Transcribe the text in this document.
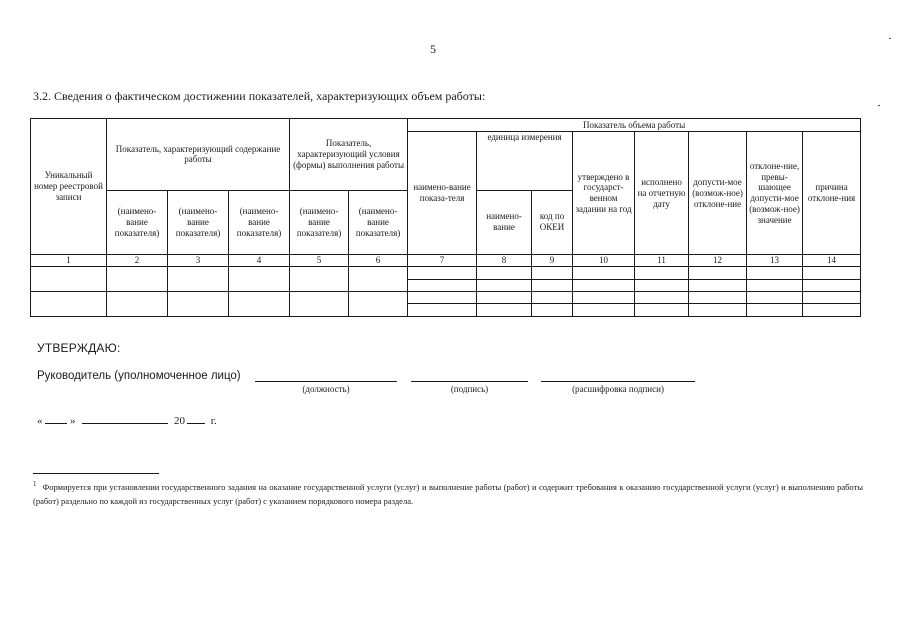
5
3.2. Сведения о фактическом достижении показателей, характеризующих объем работы:
Уникальный номер реестровой записи	Показатель, характеризующий содержание работы			Показатель, характеризующий условия (формы) выполнения работы		Показатель объема работы							
						наимено-вание показа-теля	единица измерения		утверждено в государст-венном задании на год	исполнено на отчетную дату	допусти-мое (возмож-ное) отклоне-ние	отклоне-ние, превы-шающее допусти-мое (возмож-ное) значение	причина отклоне-ния
	(наимено-вание показателя)	(наимено-вание показателя)	(наимено-вание показателя)	(наимено-вание показателя)	(наимено-вание показателя)		наимено-вание	код по ОКЕИ					
1	2	3	4	5	6	7	8	9	10	11	12	13	14

УТВЕРЖДАЮ:
Руководитель (уполномоченное лицо)
(должность)	(подпись)	(расшифровка подписи)
«	»	20 г.
$^1$ Формируется при установлении государственного задания на оказание государственной услуги (услуг) и выполнение работы (работ) и содержит требования к оказанию государственной услуги (услуг) и выполнению работы (работ) раздельно по каждой из государственных услуг (работ) с указанием порядкового номера раздела.
